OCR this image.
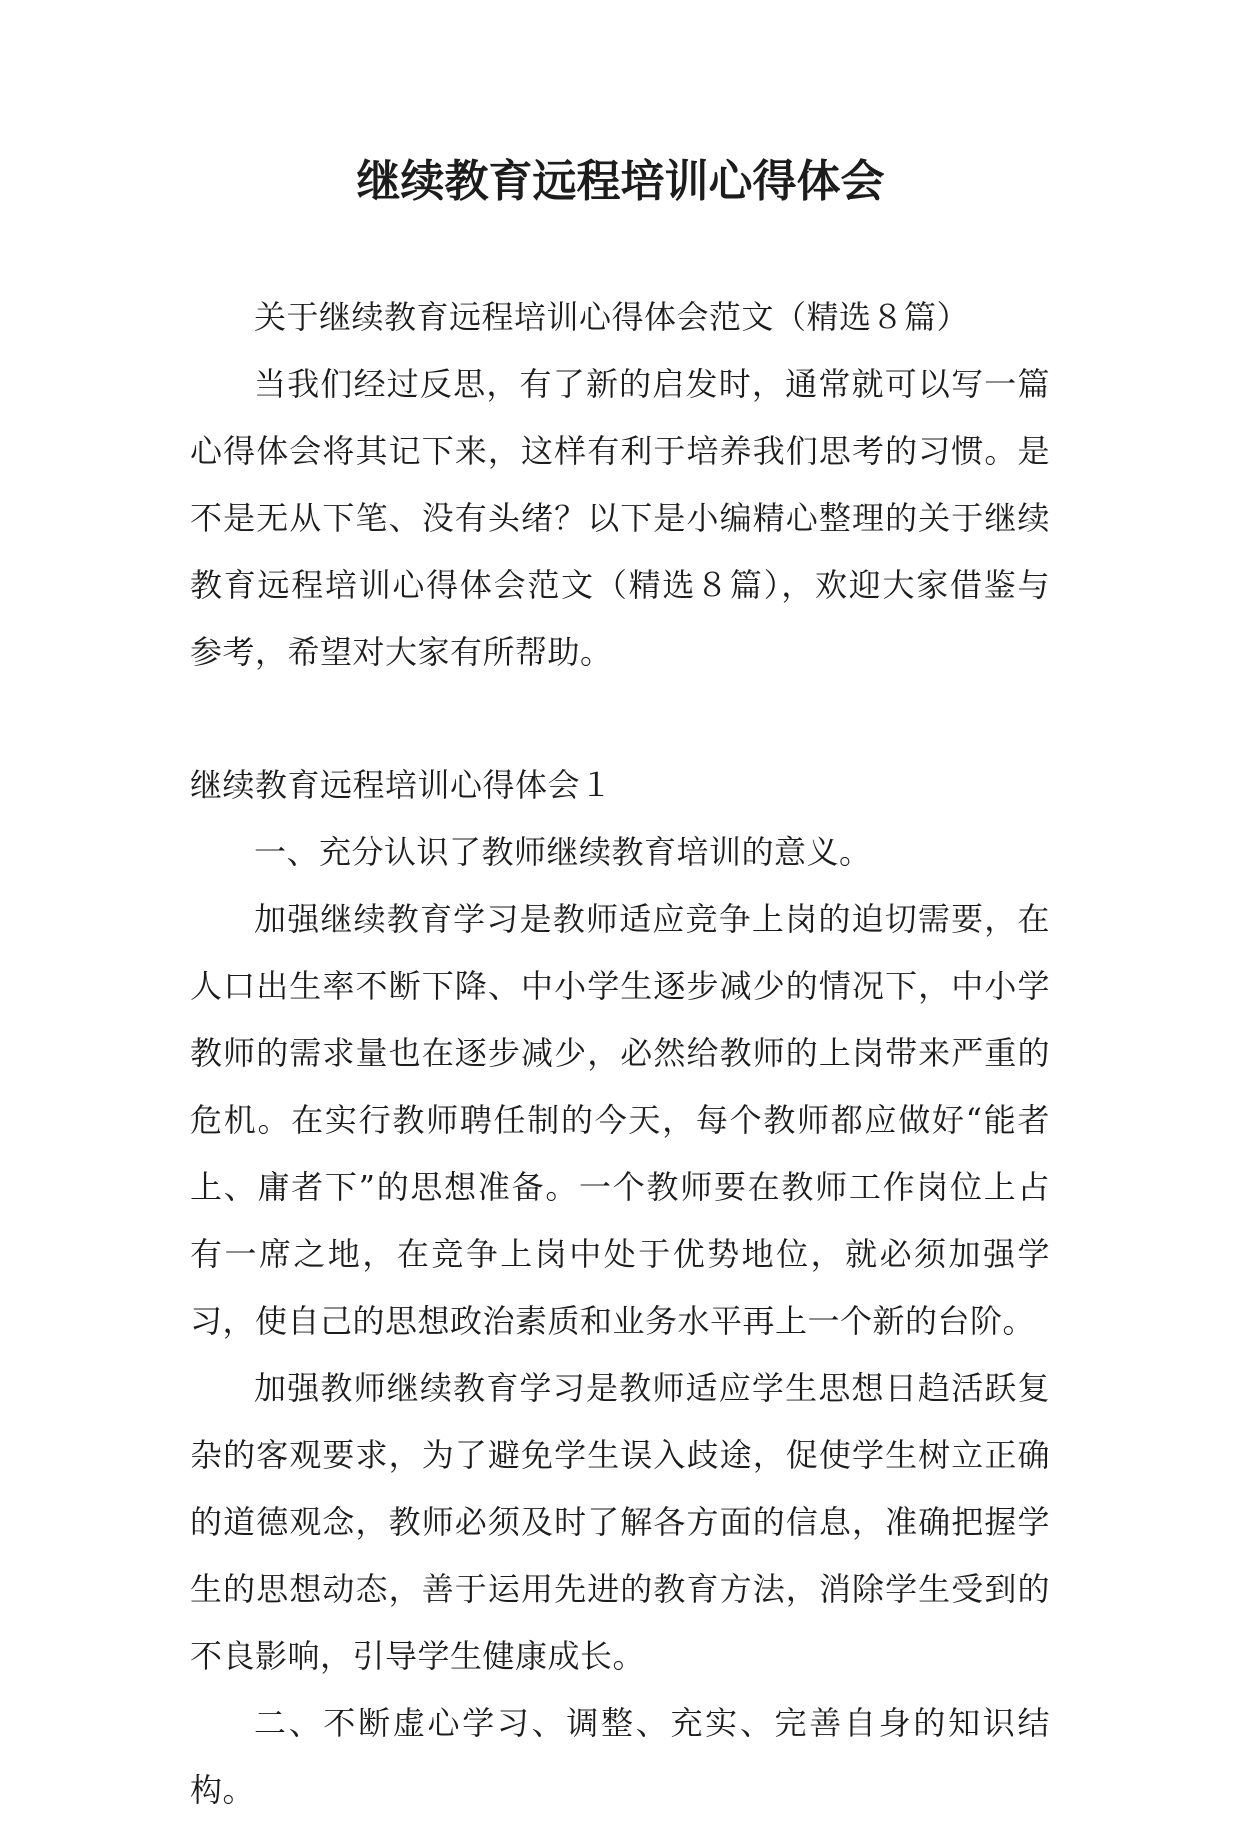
继续教育远程培训心得体会

关于继续教育远程培训心得体会范文（精选８篇）

当我们经过反思，有了新的启发时，通常就可以写一篇心得体会将其记下来，这样有利于培养我们思考的习惯。是不是无从下笔、没有头绪？以下是小编精心整理的关于继续教育远程培训心得体会范文（精选８篇），欢迎大家借鉴与参考，希望对大家有所帮助。

继续教育远程培训心得体会１

一、充分认识了教师继续教育培训的意义。

加强继续教育学习是教师适应竞争上岗的迫切需要，在人口出生率不断下降、中小学生逐步减少的情况下，中小学教师的需求量也在逐步减少，必然给教师的上岗带来严重的危机。在实行教师聘任制的今天，每个教师都应做好“能者上、庸者下”的思想准备。一个教师要在教师工作岗位上占有一席之地，在竞争上岗中处于优势地位，就必须加强学习，使自己的思想政治素质和业务水平再上一个新的台阶。

加强教师继续教育学习是教师适应学生思想日趋活跃复杂的客观要求，为了避免学生误入歧途，促使学生树立正确的道德观念，教师必须及时了解各方面的信息，准确把握学生的思想动态，善于运用先进的教育方法，消除学生受到的不良影响，引导学生健康成长。

二、不断虚心学习、调整、充实、完善自身的知识结构。
